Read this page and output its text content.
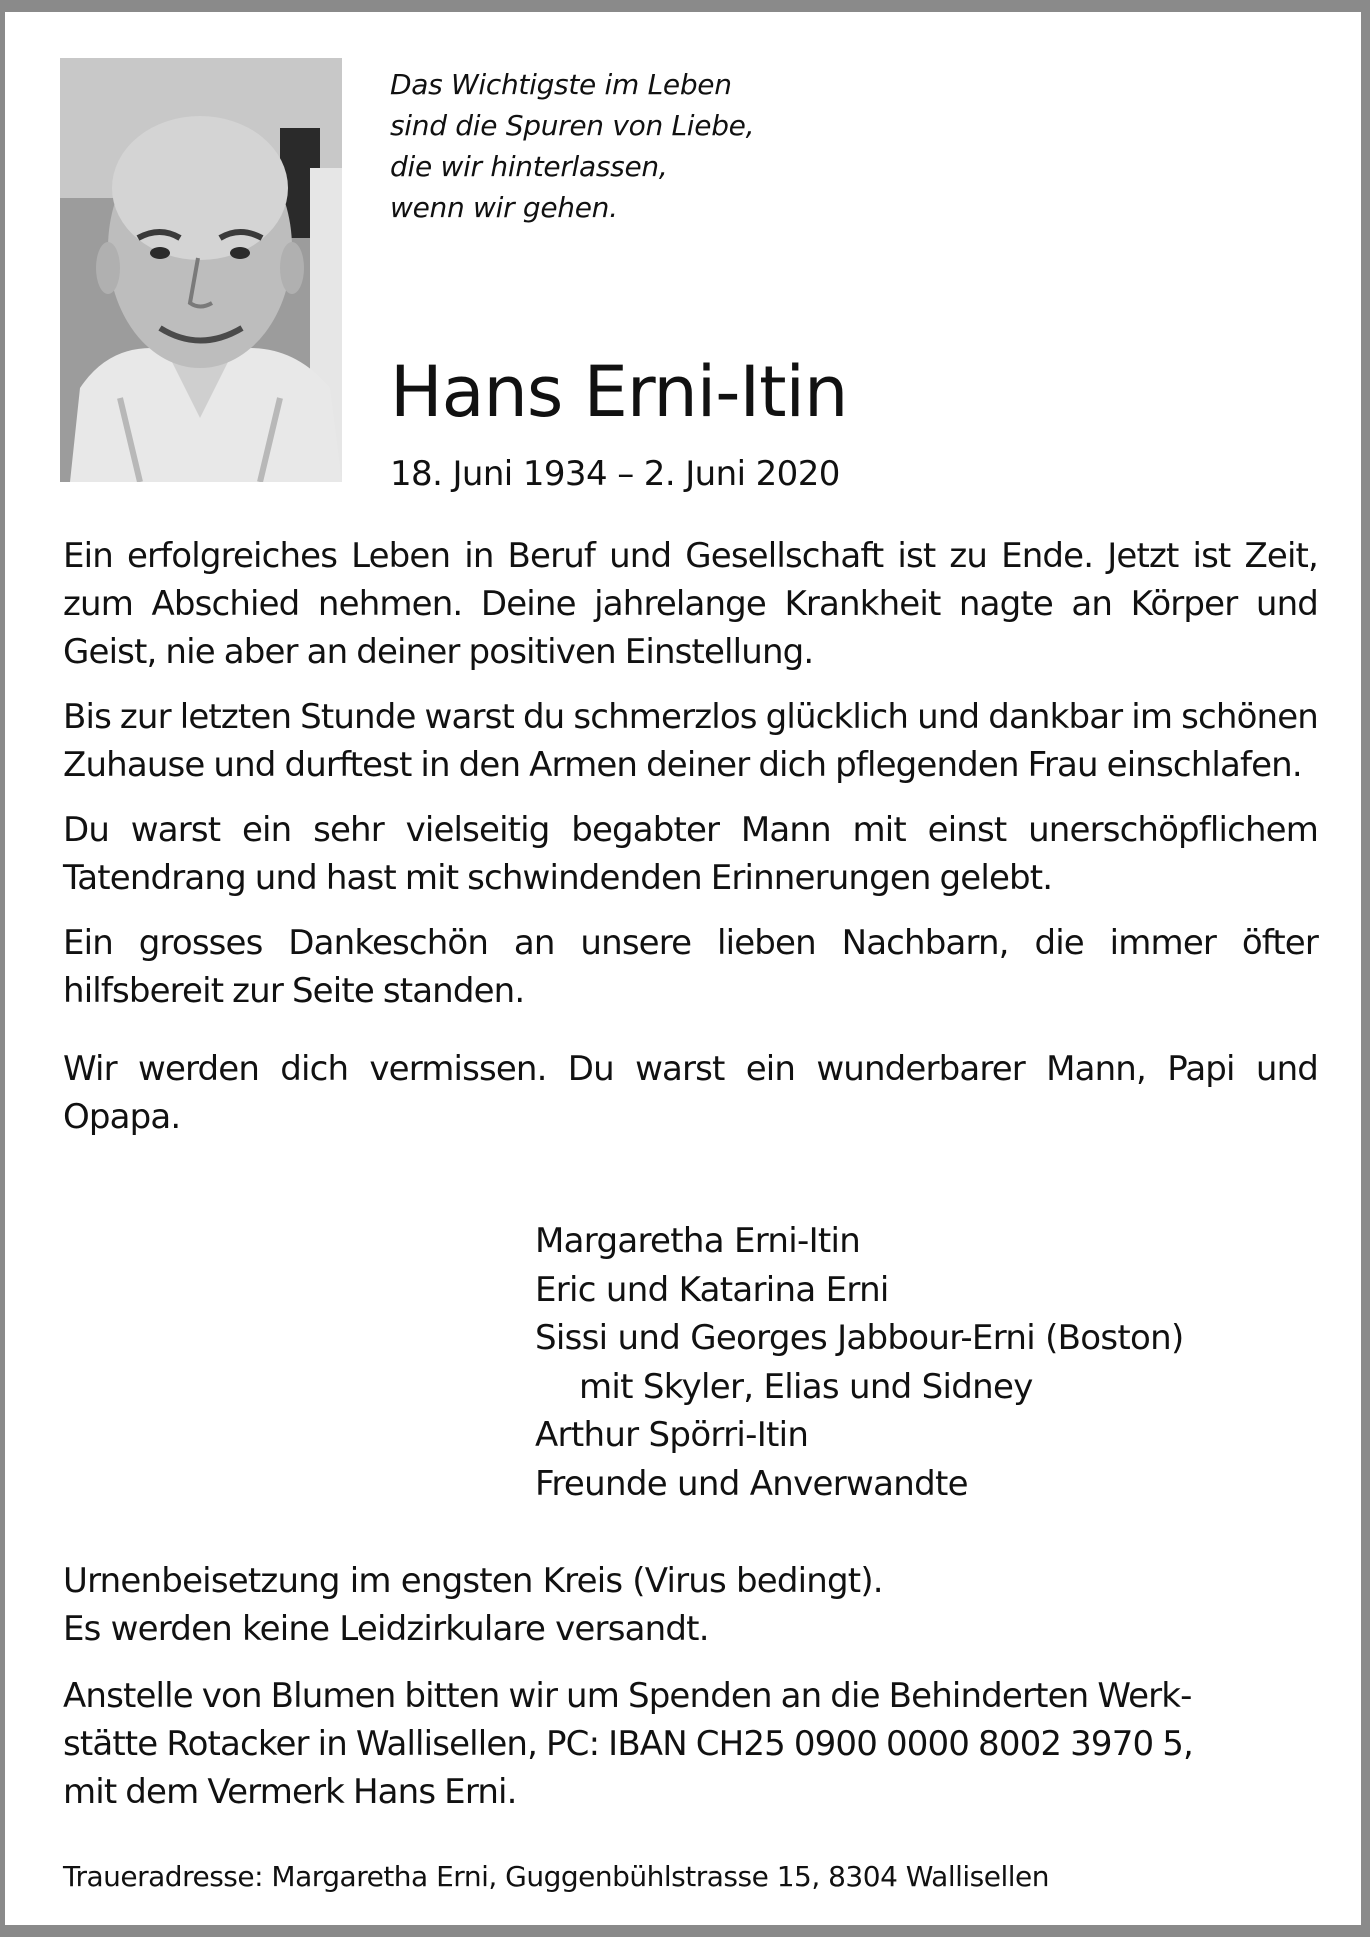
Das Wichtigste im Leben
sind die Spuren von Liebe,
die wir hinterlassen,
wenn wir gehen.
Hans Erni-Itin
18. Juni 1934 – 2. Juni 2020

Ein erfolgreiches Leben in Beruf und Gesellschaft ist zu Ende. Jetzt ist Zeit, zum Abschied nehmen. Deine jahrelange Krankheit nagte an Körper und Geist, nie aber an deiner positiven Einstellung.

Bis zur letzten Stunde warst du schmerzlos glücklich und dankbar im schönen Zuhause und durftest in den Armen deiner dich pflegenden Frau einschlafen.

Du warst ein sehr vielseitig begabter Mann mit einst unerschöpflichem Tatendrang und hast mit schwindenden Erinnerungen gelebt.

Ein grosses Dankeschön an unsere lieben Nachbarn, die immer öfter hilfsbereit zur Seite standen.

Wir werden dich vermissen. Du warst ein wunderbarer Mann, Papi und Opapa.

Margaretha Erni-Itin
Eric und Katarina Erni
Sissi und Georges Jabbour-Erni (Boston)
mit Skyler, Elias und Sidney
Arthur Spörri-Itin
Freunde und Anverwandte
Urnenbeisetzung im engsten Kreis (Virus bedingt).
Es werden keine Leidzirkulare versandt.
Anstelle von Blumen bitten wir um Spenden an die Behinderten Werk-
stätte Rotacker in Wallisellen, PC: IBAN CH25 0900 0000 8002 3970 5,
mit dem Vermerk Hans Erni.
Traueradresse: Margaretha Erni, Guggenbühlstrasse 15, 8304 Wallisellen
